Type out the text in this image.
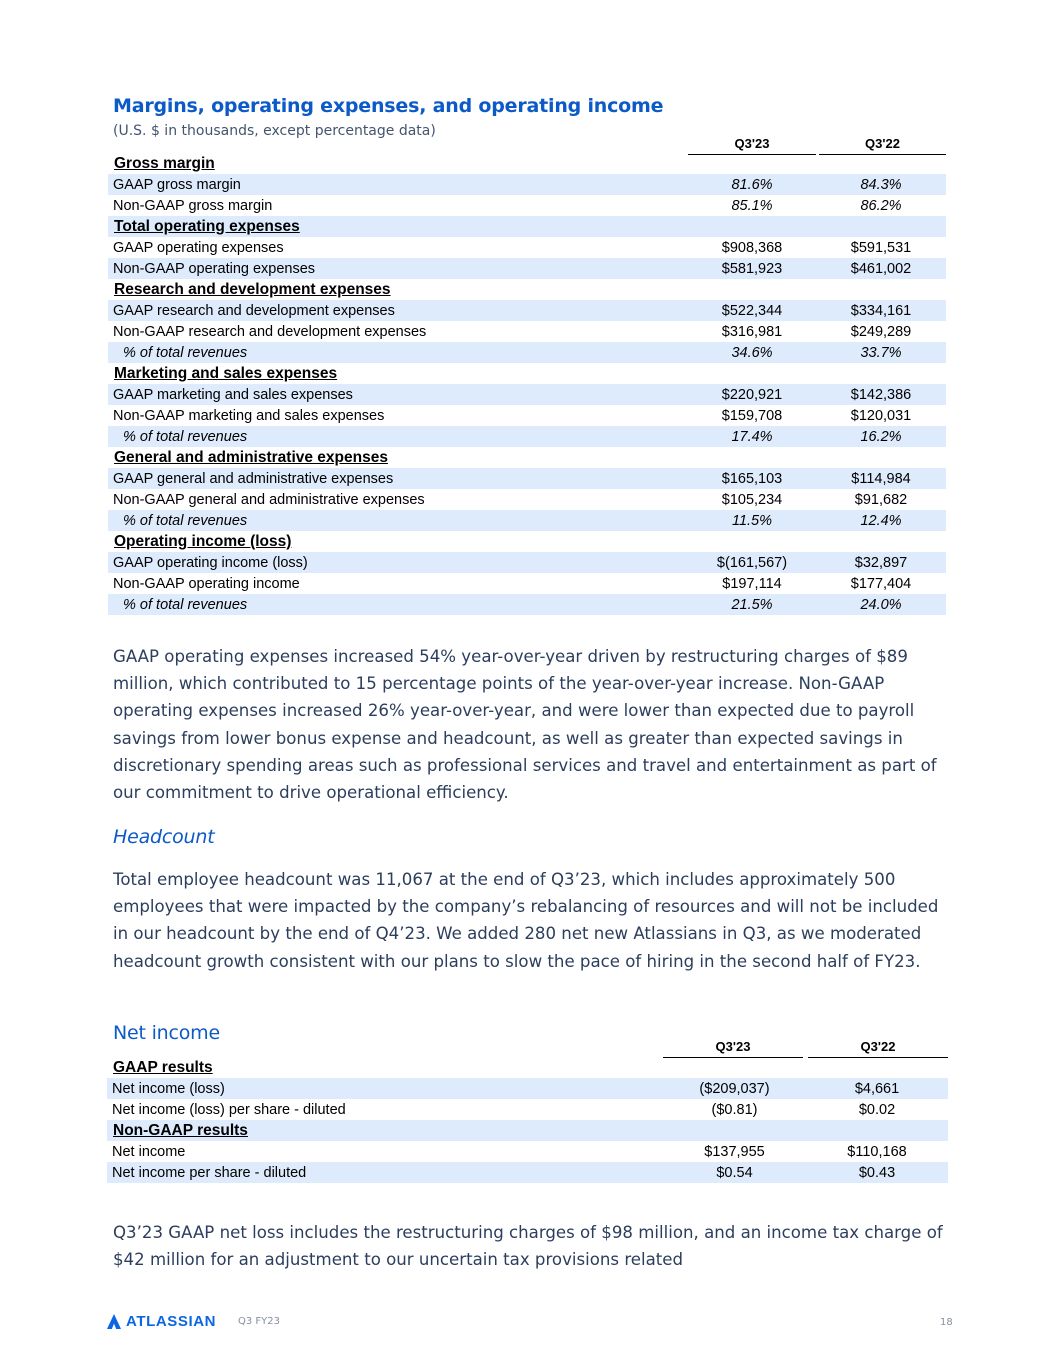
Margins, operating expenses, and operating income
(U.S. $ in thousands, except percentage data)
Q3'23	Q3'22
Gross margin		
GAAP gross margin	81.6%	84.3%
Non-GAAP gross margin	85.1%	86.2%
Total operating expenses		
GAAP operating expenses	$908,368	$591,531
Non-GAAP operating expenses	$581,923	$461,002
Research and development expenses		
GAAP research and development expenses	$522,344	$334,161
Non-GAAP research and development expenses	$316,981	$249,289
% of total revenues	34.6%	33.7%
Marketing and sales expenses		
GAAP marketing and sales expenses	$220,921	$142,386
Non-GAAP marketing and sales expenses	$159,708	$120,031
% of total revenues	17.4%	16.2%
General and administrative expenses		
GAAP general and administrative expenses	$165,103	$114,984
Non-GAAP general and administrative expenses	$105,234	$91,682
% of total revenues	11.5%	12.4%
Operating income (loss)		
GAAP operating income (loss)	$(161,567)	$32,897
Non-GAAP operating income	$197,114	$177,404
% of total revenues	21.5%	24.0%

GAAP operating expenses increased 54% year-over-year driven by restructuring charges of $89 million, which contributed to 15 percentage points of the year-over-year increase. Non-GAAP operating expenses increased 26% year-over-year, and were lower than expected due to payroll savings from lower bonus expense and headcount, as well as greater than expected savings in discretionary spending areas such as professional services and travel and entertainment as part of our commitment to drive operational efficiency.

Headcount

Total employee headcount was 11,067 at the end of Q3’23, which includes approximately 500 employees that were impacted by the company’s rebalancing of resources and will not be included in our headcount by the end of Q4’23. We added 280 net new Atlassians in Q3, as we moderated headcount growth consistent with our plans to slow the pace of hiring in the second half of FY23.

Net income
Q3'23	Q3'22
GAAP results		
Net income (loss)	($209,037)	$4,661
Net income (loss) per share - diluted	($0.81)	$0.02
Non-GAAP results		
Net income	$137,955	$110,168
Net income per share - diluted	$0.54	$0.43

Q3’23 GAAP net loss includes the restructuring charges of $98 million, and an income tax charge of $42 million for an adjustment to our uncertain tax provisions related

ATLASSIAN Q3 FY23	18
